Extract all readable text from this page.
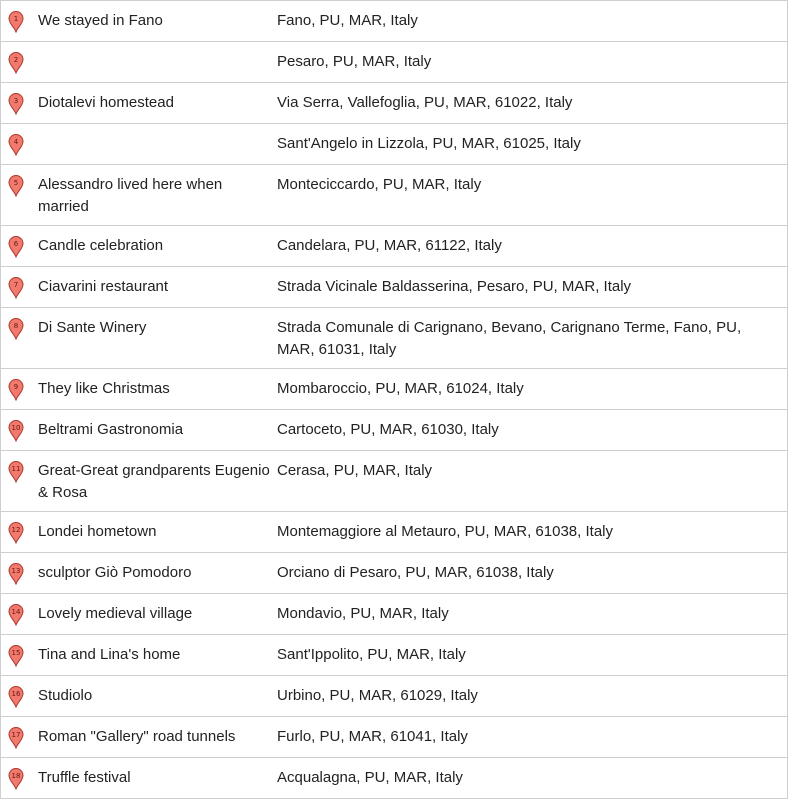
1	We stayed in Fano	Fano, PU, MAR, Italy

2		Pesaro, PU, MAR, Italy

3	Diotalevi homestead	Via Serra, Vallefoglia, PU, MAR, 61022, Italy

4		Sant'Angelo in Lizzola, PU, MAR, 61025, Italy

5	Alessandro lived here when married	Monteciccardo, PU, MAR, Italy

6	Candle celebration	Candelara, PU, MAR, 61122, Italy

7	Ciavarini restaurant	Strada Vicinale Baldasserina, Pesaro, PU, MAR, Italy

8	Di Sante Winery	Strada Comunale di Carignano, Bevano, Carignano Terme, Fano, PU, MAR, 61031, Italy

9	They like Christmas	Mombaroccio, PU, MAR, 61024, Italy

10	Beltrami Gastronomia	Cartoceto, PU, MAR, 61030, Italy

11	Great-Great grandparents Eugenio & Rosa	Cerasa, PU, MAR, Italy

12	Londei hometown	Montemaggiore al Metauro, PU, MAR, 61038, Italy

13	sculptor Giò Pomodoro	Orciano di Pesaro, PU, MAR, 61038, Italy

14	Lovely medieval village	Mondavio, PU, MAR, Italy

15	Tina and Lina's home	Sant'Ippolito, PU, MAR, Italy

16	Studiolo	Urbino, PU, MAR, 61029, Italy

17	Roman "Gallery" road tunnels	Furlo, PU, MAR, 61041, Italy

18	Truffle festival	Acqualagna, PU, MAR, Italy
